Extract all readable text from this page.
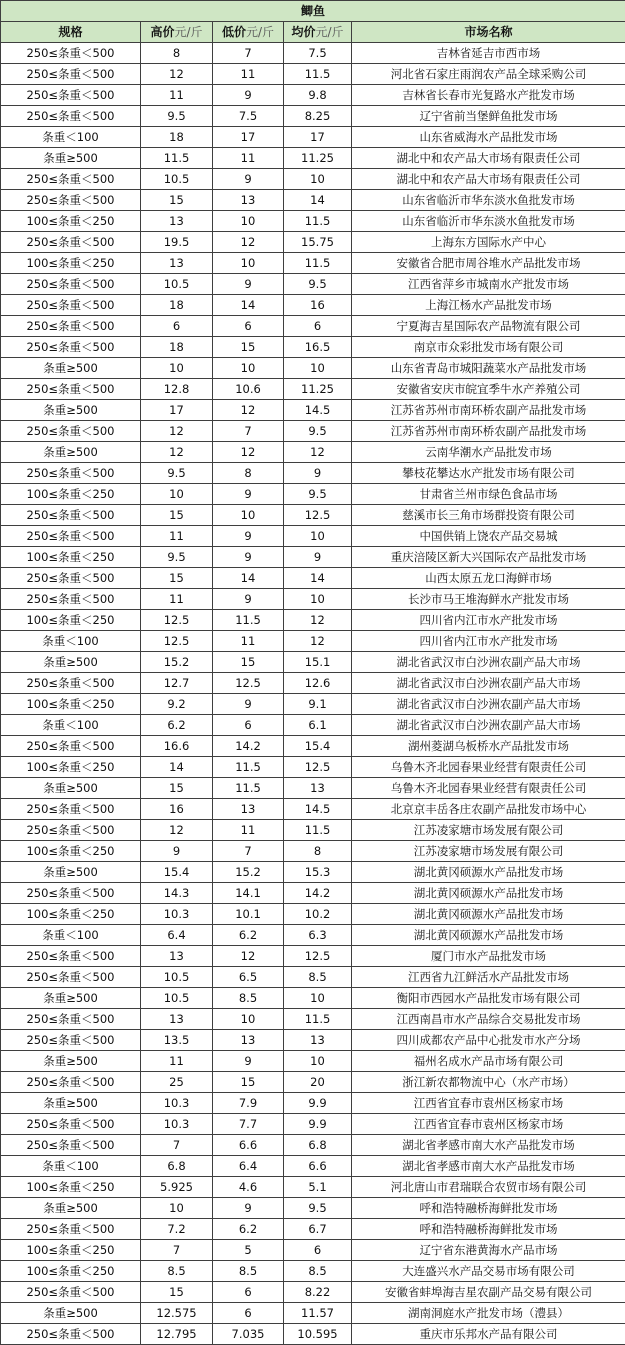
鲫鱼				
规格	高价元/斤	低价元/斤	均价元/斤	市场名称
250≤条重＜500	8	7	7.5	吉林省延吉市西市场
250≤条重＜500	12	11	11.5	河北省石家庄雨润农产品全球采购公司
250≤条重＜500	11	9	9.8	吉林省长春市光复路水产批发市场
250≤条重＜500	9.5	7.5	8.25	辽宁省前当堡鲜鱼批发市场
条重＜100	18	17	17	山东省威海水产品批发市场
条重≥500	11.5	11	11.25	湖北中和农产品大市场有限责任公司
250≤条重＜500	10.5	9	10	湖北中和农产品大市场有限责任公司
250≤条重＜500	15	13	14	山东省临沂市华东淡水鱼批发市场
100≤条重＜250	13	10	11.5	山东省临沂市华东淡水鱼批发市场
250≤条重＜500	19.5	12	15.75	上海东方国际水产中心
100≤条重＜250	13	10	11.5	安徽省合肥市周谷堆水产品批发市场
250≤条重＜500	10.5	9	9.5	江西省萍乡市城南水产批发市场
250≤条重＜500	18	14	16	上海江杨水产品批发市场
250≤条重＜500	6	6	6	宁夏海吉星国际农产品物流有限公司
250≤条重＜500	18	15	16.5	南京市众彩批发市场有限公司
条重≥500	10	10	10	山东省青岛市城阳蔬菜水产品批发市场
250≤条重＜500	12.8	10.6	11.25	安徽省安庆市皖宜季牛水产养殖公司
条重≥500	17	12	14.5	江苏省苏州市南环桥农副产品批发市场
250≤条重＜500	12	7	9.5	江苏省苏州市南环桥农副产品批发市场
条重≥500	12	12	12	云南华潮水产品批发市场
250≤条重＜500	9.5	8	9	攀枝花攀达水产批发市场有限公司
100≤条重＜250	10	9	9.5	甘肃省兰州市绿色食品市场
250≤条重＜500	15	10	12.5	慈溪市长三角市场群投资有限公司
250≤条重＜500	11	9	10	中国供销上饶农产品交易城
100≤条重＜250	9.5	9	9	重庆涪陵区新大兴国际农产品批发市场
250≤条重＜500	15	14	14	山西太原五龙口海鲜市场
250≤条重＜500	11	9	10	长沙市马王堆海鲜水产批发市场
100≤条重＜250	12.5	11.5	12	四川省内江市水产批发市场
条重＜100	12.5	11	12	四川省内江市水产批发市场
条重≥500	15.2	15	15.1	湖北省武汉市白沙洲农副产品大市场
250≤条重＜500	12.7	12.5	12.6	湖北省武汉市白沙洲农副产品大市场
100≤条重＜250	9.2	9	9.1	湖北省武汉市白沙洲农副产品大市场
条重＜100	6.2	6	6.1	湖北省武汉市白沙洲农副产品大市场
250≤条重＜500	16.6	14.2	15.4	湖州菱湖乌板桥水产品批发市场
100≤条重＜250	14	11.5	12.5	乌鲁木齐北园春果业经营有限责任公司
条重≥500	15	11.5	13	乌鲁木齐北园春果业经营有限责任公司
250≤条重＜500	16	13	14.5	北京京丰岳各庄农副产品批发市场中心
250≤条重＜500	12	11	11.5	江苏凌家塘市场发展有限公司
100≤条重＜250	9	7	8	江苏凌家塘市场发展有限公司
条重≥500	15.4	15.2	15.3	湖北黄冈硕源水产品批发市场
250≤条重＜500	14.3	14.1	14.2	湖北黄冈硕源水产品批发市场
100≤条重＜250	10.3	10.1	10.2	湖北黄冈硕源水产品批发市场
条重＜100	6.4	6.2	6.3	湖北黄冈硕源水产品批发市场
250≤条重＜500	13	12	12.5	厦门市水产品批发市场
250≤条重＜500	10.5	6.5	8.5	江西省九江鲜活水产品批发市场
条重≥500	10.5	8.5	10	衡阳市西园水产品批发市场有限公司
250≤条重＜500	13	10	11.5	江西南昌市水产品综合交易批发市场
250≤条重＜500	13.5	13	13	四川成都农产品中心批发市水产分场
条重≥500	11	9	10	福州名成水产品市场有限公司
250≤条重＜500	25	15	20	浙江新农都物流中心（水产市场）
条重≥500	10.3	7.9	9.9	江西省宜春市袁州区杨家市场
250≤条重＜500	10.3	7.7	9.9	江西省宜春市袁州区杨家市场
250≤条重＜500	7	6.6	6.8	湖北省孝感市南大水产品批发市场
条重＜100	6.8	6.4	6.6	湖北省孝感市南大水产品批发市场
100≤条重＜250	5.925	4.6	5.1	河北唐山市君瑞联合农贸市场有限公司
条重≥500	10	9	9.5	呼和浩特融桥海鲜批发市场
250≤条重＜500	7.2	6.2	6.7	呼和浩特融桥海鲜批发市场
100≤条重＜250	7	5	6	辽宁省东港黄海水产品市场
100≤条重＜250	8.5	8.5	8.5	大连盛兴水产品交易市场有限公司
250≤条重＜500	15	6	8.22	安徽省蚌埠海吉星农副产品交易有限公司
条重≥500	12.575	6	11.57	湖南洞庭水产批发市场（澧县）
250≤条重＜500	12.795	7.035	10.595	重庆市乐邦水产品有限公司
